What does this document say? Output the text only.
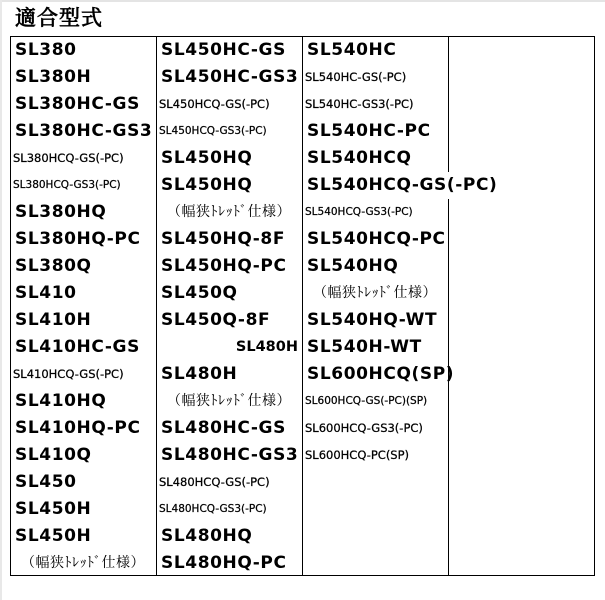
適合型式
SL380
SL380H
SL380HC-GS
SL380HC-GS3
SL380HCQ-GS(-PC)
SL380HCQ-GS3(-PC)
SL380HQ
SL380HQ-PC
SL380Q
SL410
SL410H
SL410HC-GS
SL410HCQ-GS(-PC)
SL410HQ
SL410HQ-PC
SL410Q
SL450
SL450H
SL450H
（幅狭ﾄﾚｯﾄﾞ仕様）
SL450HC-GS
SL450HC-GS3
SL450HCQ-GS(-PC)
SL450HCQ-GS3(-PC)
SL450HQ
SL450HQ
（幅狭ﾄﾚｯﾄﾞ仕様）
SL450HQ-8F
SL450HQ-PC
SL450Q
SL450Q-8F
SL480H
SL480H
（幅狭ﾄﾚｯﾄﾞ仕様）
SL480HC-GS
SL480HC-GS3
SL480HCQ-GS(-PC)
SL480HCQ-GS3(-PC)
SL480HQ
SL480HQ-PC
SL540HC
SL540HC-GS(-PC)
SL540HC-GS3(-PC)
SL540HC-PC
SL540HCQ
SL540HCQ-GS(-PC)
SL540HCQ-GS3(-PC)
SL540HCQ-PC
SL540HQ
（幅狭ﾄﾚｯﾄﾞ仕様）
SL540HQ-WT
SL540H-WT
SL600HCQ(SP)
SL600HCQ-GS(-PC)(SP)
SL600HCQ-GS3(-PC)
SL600HCQ-PC(SP)
